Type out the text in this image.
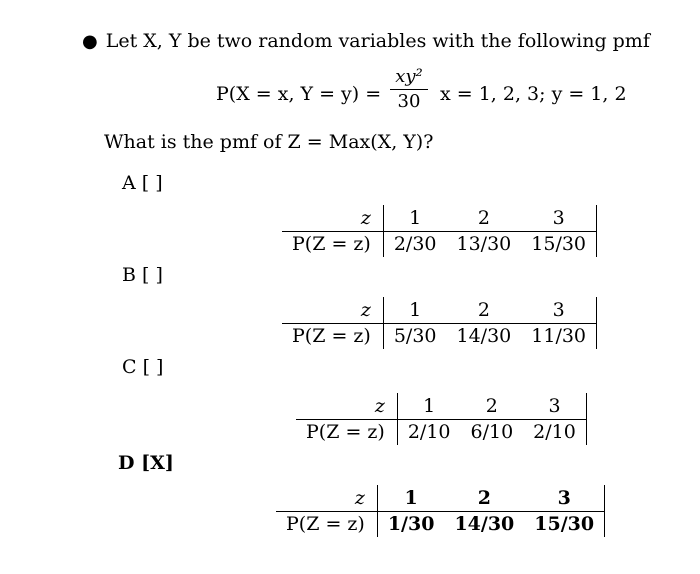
● Let X, Y be two random variables with the following pmf
P(X = x, Y = y) =
xy²
30	x = 1, 2, 3; y = 1, 2
What is the pmf of Z = Max(X, Y)?
A [ ]
z	1	2	3
P(Z = z)	2/30	13/30	15/30
B [ ]
z	1	2	3
P(Z = z)	5/30	14/30	11/30
C [ ]
z	1	2	3
P(Z = z)	2/10	6/10	2/10
D [X]
z	1	2	3
P(Z = z)	1/30	14/30	15/30
